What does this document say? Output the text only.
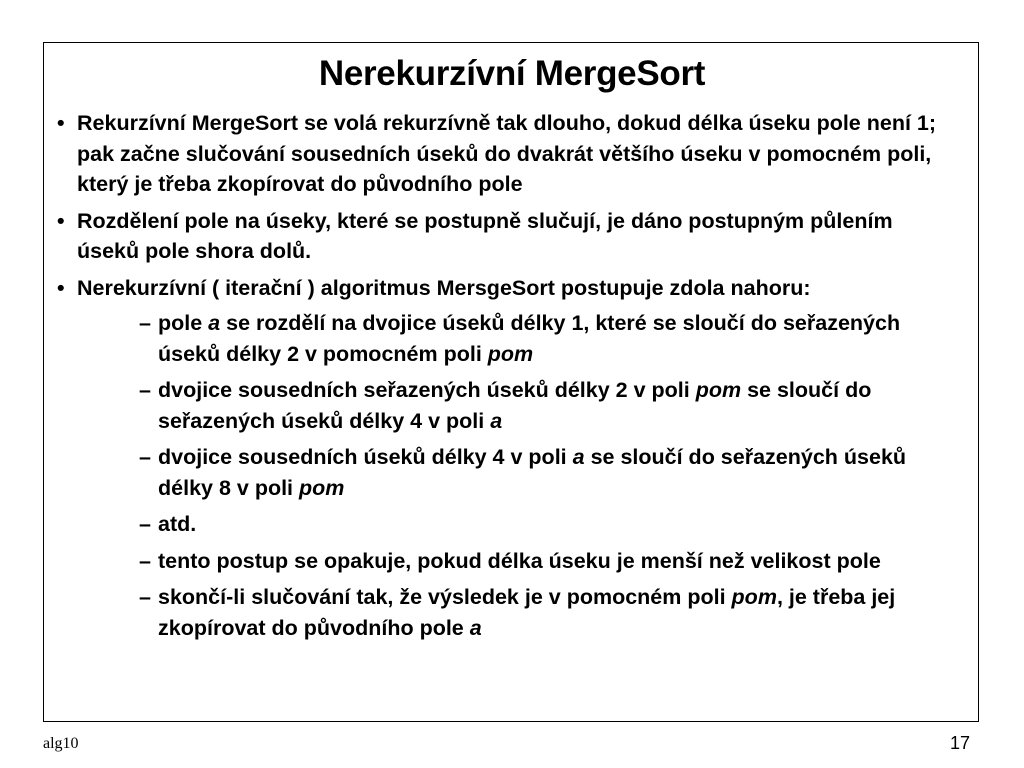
Nerekurzívní MergeSort
• Rekurzívní MergeSort se volá rekurzívně tak dlouho, dokud délka úseku pole není 1; pak začne slučování sousedních úseků do dvakrát většího úseku v pomocném poli, který je třeba zkopírovat do původního pole
• Rozdělení pole na úseky, které se postupně slučují, je dáno postupným půlením úseků pole shora dolů.
• Nerekurzívní ( iterační ) algoritmus MersgeSort postupuje zdola nahoru:
– pole a se rozdělí na dvojice úseků délky 1, které se sloučí do seřazených úseků délky 2 v pomocném poli pom
– dvojice sousedních seřazených úseků délky 2 v poli pom se sloučí do seřazených úseků délky 4 v poli a
– dvojice sousedních úseků délky 4 v poli a se sloučí do seřazených úseků délky 8 v poli pom
– atd.
– tento postup se opakuje, pokud délka úseku je menší než velikost pole
– skončí-li slučování tak, že výsledek je v pomocném poli pom, je třeba jej zkopírovat do původního pole a
alg10	17
